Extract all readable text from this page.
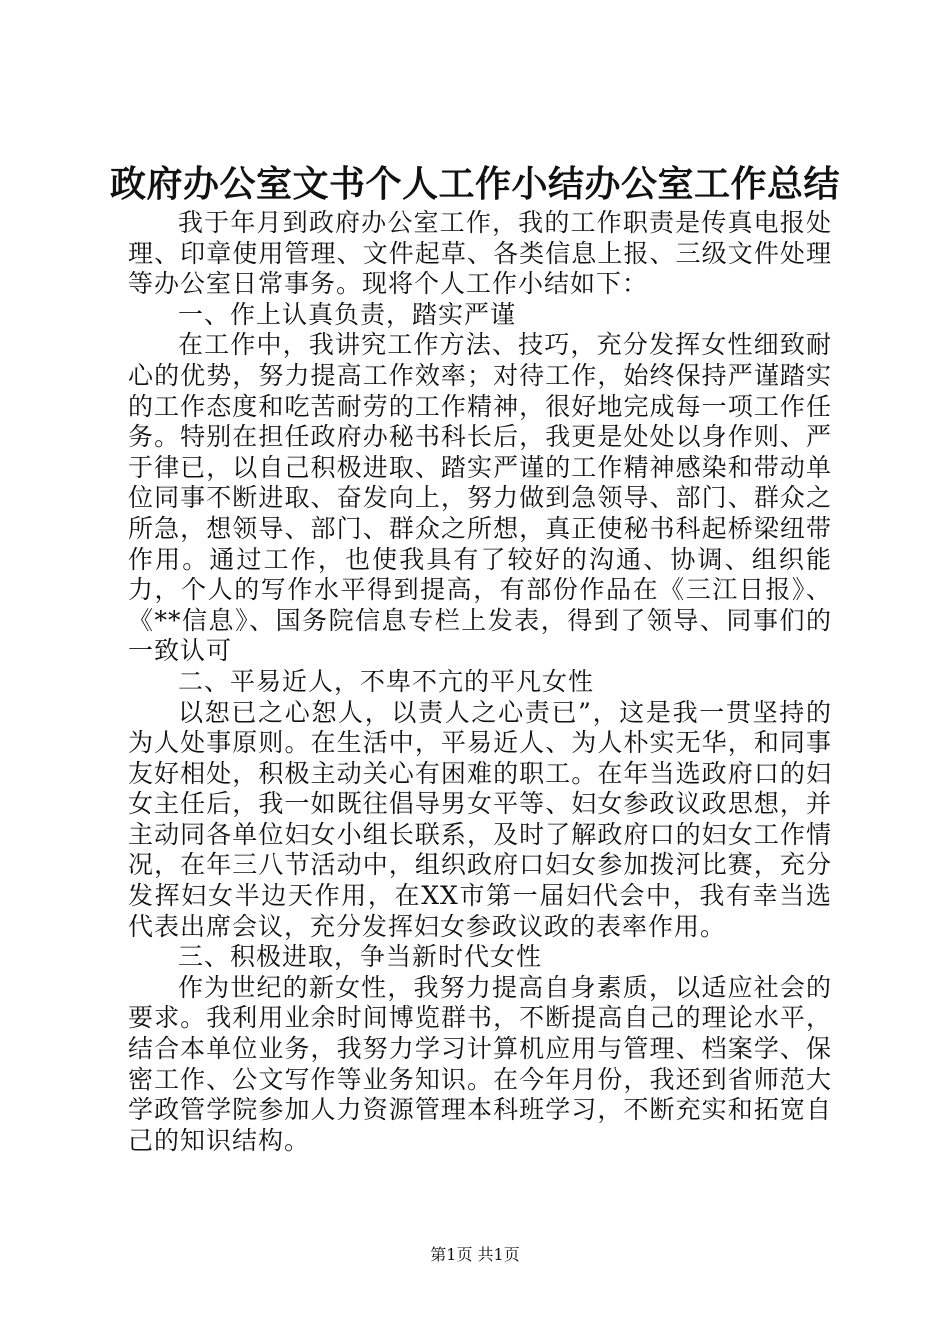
政府办公室文书个人工作小结办公室工作总结

我于年月到政府办公室工作，我的工作职责是传真电报处理、印章使用管理、文件起草、各类信息上报、三级文件处理等办公室日常事务。现将个人工作小结如下：

一、作上认真负责，踏实严谨

在工作中，我讲究工作方法、技巧，充分发挥女性细致耐心的优势，努力提高工作效率；对待工作，始终保持严谨踏实的工作态度和吃苦耐劳的工作精神，很好地完成每一项工作任务。特别在担任政府办秘书科长后，我更是处处以身作则、严于律已，以自己积极进取、踏实严谨的工作精神感染和带动单位同事不断进取、奋发向上，努力做到急领导、部门、群众之所急，想领导、部门、群众之所想，真正使秘书科起桥梁纽带作用。通过工作，也使我具有了较好的沟通、协调、组织能力，个人的写作水平得到提高，有部份作品在《三江日报》、《**信息》、国务院信息专栏上发表，得到了领导、同事们的一致认可

二、平易近人，不卑不亢的平凡女性

以恕已之心恕人，以责人之心责已”，这是我一贯坚持的为人处事原则。在生活中，平易近人、为人朴实无华，和同事友好相处，积极主动关心有困难的职工。在年当选政府口的妇女主任后，我一如既往倡导男女平等、妇女参政议政思想，并主动同各单位妇女小组长联系，及时了解政府口的妇女工作情况，在年三八节活动中，组织政府口妇女参加拨河比赛，充分发挥妇女半边天作用，在XX市第一届妇代会中，我有幸当选代表出席会议，充分发挥妇女参政议政的表率作用。

三、积极进取，争当新时代女性

作为世纪的新女性，我努力提高自身素质，以适应社会的要求。我利用业余时间博览群书，不断提高自己的理论水平，结合本单位业务，我努力学习计算机应用与管理、档案学、保密工作、公文写作等业务知识。在今年月份，我还到省师范大学政管学院参加人力资源管理本科班学习，不断充实和拓宽自己的知识结构。

第1页 共1页
